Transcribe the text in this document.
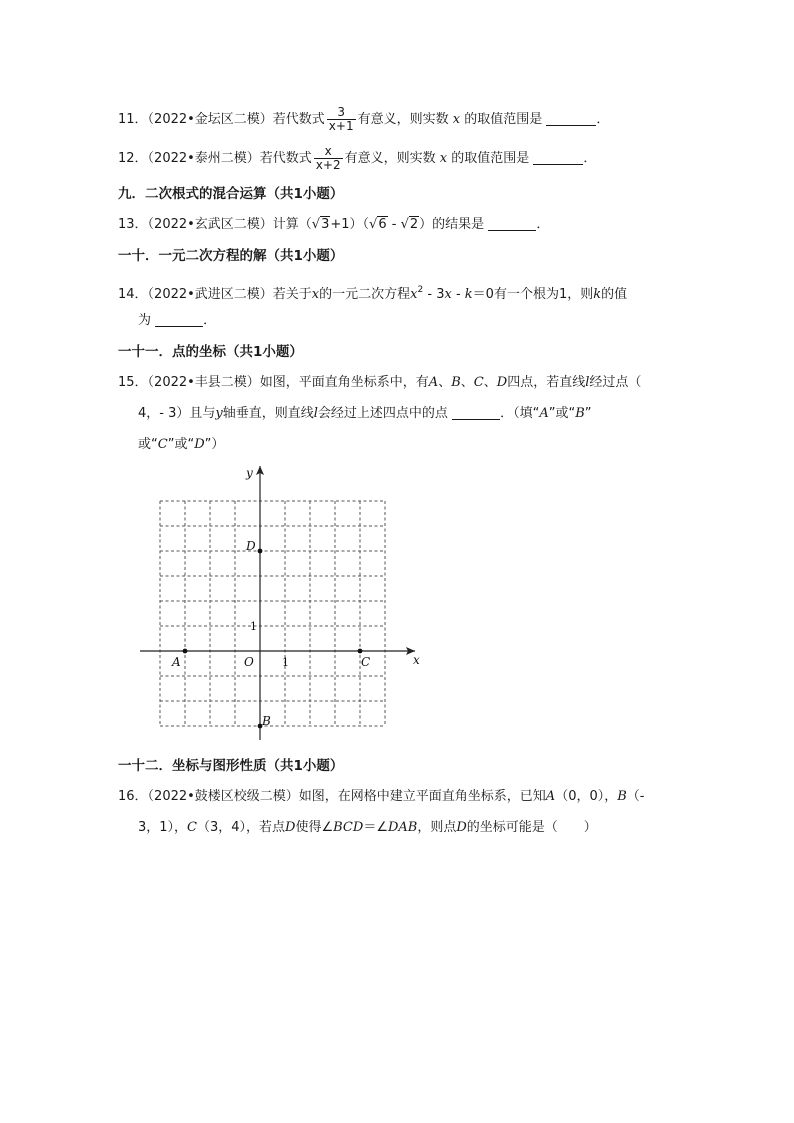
11．（2022•金坛区二模）若代数式 $\frac{3}{x+1}$ 有意义，则实数 x 的取值范围是	．
12．（2022•泰州二模）若代数式 $\frac{x}{x+2}$ 有意义，则实数 x 的取值范围是	．
九．二次根式的混合运算（共1小题）
13．（2022•玄武区二模）计算（√3+1）（√6 - √2）的结果是	．
一十．一元二次方程的解（共1小题）
14．（2022•武进区二模）若关于x的一元二次方程$x^2 - 3x - k=0$有一个根为1，则k的值
为	．
一十一．点的坐标（共1小题）
15．（2022•丰县二模）如图，平面直角坐标系中，有A、B、C、D四点，若直线l经过点（
4，- 3）且与y轴垂直，则直线l会经过上述四点中的点	．（填“A”或“B”
或“C”或“D”）
x
y
O
A	C
D
B
1
1
一十二．坐标与图形性质（共1小题）
16．（2022•鼓楼区校级二模）如图，在网格中建立平面直角坐标系，已知A（0，0），B（-
3，1），C（3，4），若点D使得∠BCD＝∠DAB，则点D的坐标可能是（　　）
